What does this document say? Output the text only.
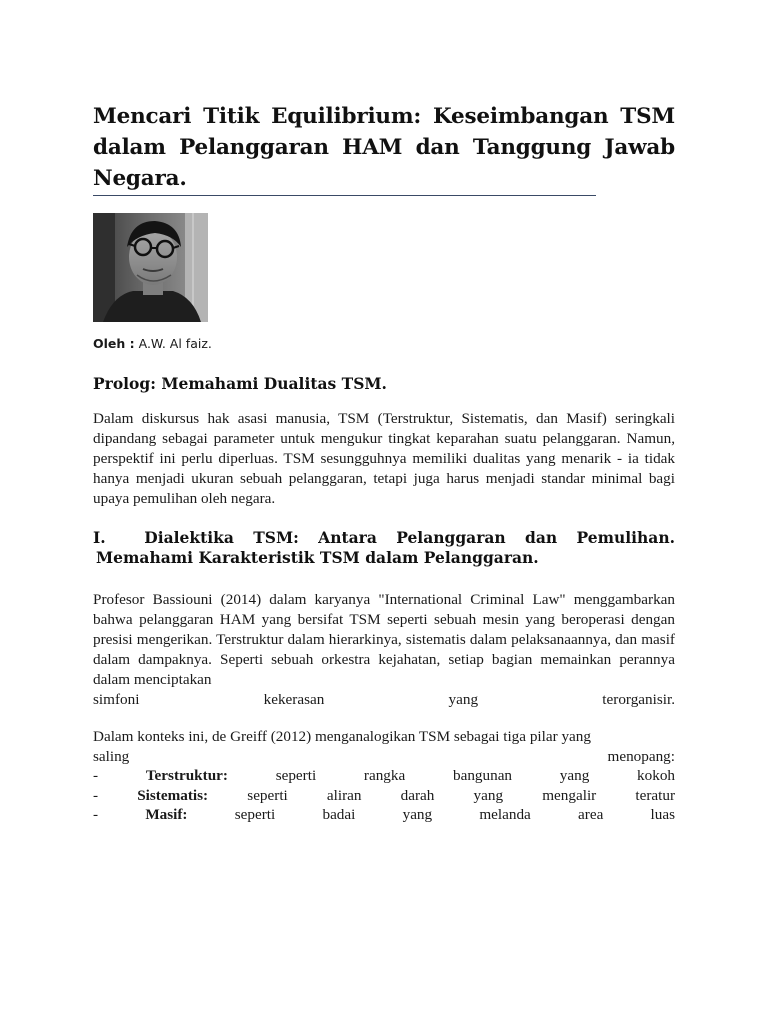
Mencari Titik Equilibrium: Keseimbangan TSM dalam Pelanggaran HAM dan Tanggung Jawab Negara.

Oleh : A.W. Al faiz.

Prolog: Memahami Dualitas TSM.

Dalam diskursus hak asasi manusia, TSM (Terstruktur, Sistematis, dan Masif) seringkali dipandang sebagai parameter untuk mengukur tingkat keparahan suatu pelanggaran. Namun, perspektif ini perlu diperluas. TSM sesungguhnya memiliki dualitas yang menarik - ia tidak hanya menjadi ukuran sebuah pelanggaran, tetapi juga harus menjadi standar minimal bagi upaya pemulihan oleh negara.

I.  Dialektika TSM: Antara Pelanggaran dan Pemulihan.
Memahami Karakteristik TSM dalam Pelanggaran.

Profesor Bassiouni (2014) dalam karyanya "International Criminal Law" menggambarkan bahwa pelanggaran HAM yang bersifat TSM seperti sebuah mesin yang beroperasi dengan presisi mengerikan. Terstruktur dalam hierarkinya, sistematis dalam pelaksanaannya, dan masif dalam dampaknya. Seperti sebuah orkestra kejahatan, setiap bagian memainkan perannya dalam menciptakan
simfoni kekerasan yang terorganisir.

Dalam konteks ini, de Greiff (2012) menganalogikan TSM sebagai tiga pilar yang
saling menopang:

-	Terstruktur:	seperti rangka bangunan yang kokoh
-	Sistematis:	seperti aliran darah yang mengalir teratur
-	Masif:	seperti badai yang melanda area luas
